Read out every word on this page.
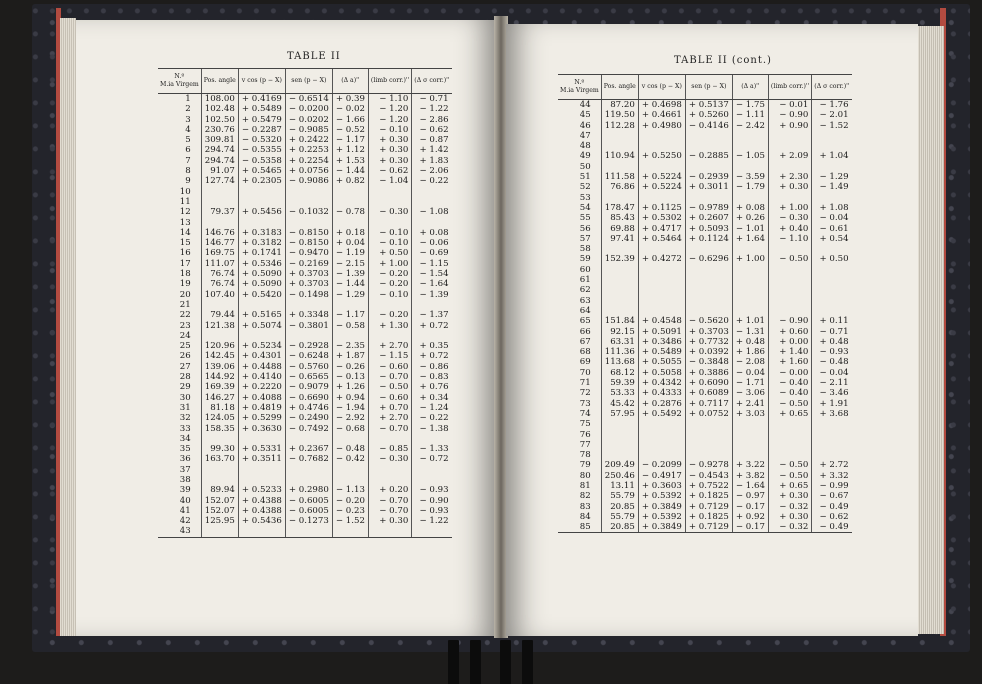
TABLE II
N.º
M.ia Virgem	Pos. angle	v cos (p − X)	sen (p − X)	(Δ a)''	(limb corr.)''	(Δ σ corr.)''
1	108.00	+ 0.4169	− 0.6514	+ 0.39	− 1.10	− 0.71
2	102.48	+ 0.5489	− 0.0200	− 0.02	− 1.20	− 1.22
3	102.50	+ 0.5479	− 0.0202	− 1.66	− 1.20	− 2.86
4	230.76	− 0.2287	− 0.9085	− 0.52	− 0.10	− 0.62
5	309.81	− 0.5320	+ 0.2422	− 1.17	+ 0.30	− 0.87
6	294.74	− 0.5355	+ 0.2253	+ 1.12	+ 0.30	+ 1.42
7	294.74	− 0.5358	+ 0.2254	+ 1.53	+ 0.30	+ 1.83
8	91.07	+ 0.5465	+ 0.0756	− 1.44	− 0.62	− 2.06
9	127.74	+ 0.2305	− 0.9086	+ 0.82	− 1.04	− 0.22
10						
11						
12	79.37	+ 0.5456	− 0.1032	− 0.78	− 0.30	− 1.08
13						
14	146.76	+ 0.3183	− 0.8150	+ 0.18	− 0.10	+ 0.08
15	146.77	+ 0.3182	− 0.8150	+ 0.04	− 0.10	− 0.06
16	169.75	+ 0.1741	− 0.9470	− 1.19	+ 0.50	− 0.69
17	111.07	+ 0.5346	− 0.2169	− 2.15	+ 1.00	− 1.15
18	76.74	+ 0.5090	+ 0.3703	− 1.39	− 0.20	− 1.54
19	76.74	+ 0.5090	+ 0.3703	− 1.44	− 0.20	− 1.64
20	107.40	+ 0.5420	− 0.1498	− 1.29	− 0.10	− 1.39
21						
22	79.44	+ 0.5165	+ 0.3348	− 1.17	− 0.20	− 1.37
23	121.38	+ 0.5074	− 0.3801	− 0.58	+ 1.30	+ 0.72
24						
25	120.96	+ 0.5234	− 0.2928	− 2.35	+ 2.70	+ 0.35
26	142.45	+ 0.4301	− 0.6248	+ 1.87	− 1.15	+ 0.72
27	139.06	+ 0.4488	− 0.5760	− 0.26	− 0.60	− 0.86
28	144.92	+ 0.4140	− 0.6565	− 0.13	− 0.70	− 0.83
29	169.39	+ 0.2220	− 0.9079	+ 1.26	− 0.50	+ 0.76
30	146.27	+ 0.4088	− 0.6690	+ 0.94	− 0.60	+ 0.34
31	81.18	+ 0.4819	+ 0.4746	− 1.94	+ 0.70	− 1.24
32	124.05	+ 0.5299	− 0.2490	− 2.92	+ 2.70	− 0.22
33	158.35	+ 0.3630	− 0.7492	− 0.68	− 0.70	− 1.38
34						
35	99.30	+ 0.5331	+ 0.2367	− 0.48	− 0.85	− 1.33
36	163.70	+ 0.3511	− 0.7682	− 0.42	− 0.30	− 0.72
37						
38						
39	89.94	+ 0.5233	+ 0.2980	− 1.13	+ 0.20	− 0.93
40	152.07	+ 0.4388	− 0.6005	− 0.20	− 0.70	− 0.90
41	152.07	+ 0.4388	− 0.6005	− 0.23	− 0.70	− 0.93
42	125.95	+ 0.5436	− 0.1273	− 1.52	+ 0.30	− 1.22
43						
TABLE II (cont.)
N.º
M.ia Virgem	Pos. angle	v cos (p − X)	sen (p − X)	(Δ a)''	(limb corr.)''	(Δ σ corr.)''
44	87.20	+ 0.4698	+ 0.5137	− 1.75	− 0.01	− 1.76
45	119.50	+ 0.4661	+ 0.5260	− 1.11	− 0.90	− 2.01
46	112.28	+ 0.4980	− 0.4146	− 2.42	+ 0.90	− 1.52
47						
48						
49	110.94	+ 0.5250	− 0.2885	− 1.05	+ 2.09	+ 1.04
50						
51	111.58	+ 0.5224	− 0.2939	− 3.59	+ 2.30	− 1.29
52	76.86	+ 0.5224	+ 0.3011	− 1.79	+ 0.30	− 1.49
53						
54	178.47	+ 0.1125	− 0.9789	+ 0.08	+ 1.00	+ 1.08
55	85.43	+ 0.5302	+ 0.2607	+ 0.26	− 0.30	− 0.04
56	69.88	+ 0.4717	+ 0.5093	− 1.01	+ 0.40	− 0.61
57	97.41	+ 0.5464	+ 0.1124	+ 1.64	− 1.10	+ 0.54
58						
59	152.39	+ 0.4272	− 0.6296	+ 1.00	− 0.50	+ 0.50
60						
61						
62						
63						
64						
65	151.84	+ 0.4548	− 0.5620	+ 1.01	− 0.90	+ 0.11
66	92.15	+ 0.5091	+ 0.3703	− 1.31	+ 0.60	− 0.71
67	63.31	+ 0.3486	+ 0.7732	+ 0.48	+ 0.00	+ 0.48
68	111.36	+ 0.5489	+ 0.0392	+ 1.86	+ 1.40	− 0.93
69	113.68	+ 0.5055	− 0.3848	− 2.08	+ 1.60	− 0.48
70	68.12	+ 0.5058	+ 0.3886	− 0.04	− 0.00	− 0.04
71	59.39	+ 0.4342	+ 0.6090	− 1.71	− 0.40	− 2.11
72	53.33	+ 0.4333	+ 0.6089	− 3.06	− 0.40	− 3.46
73	45.42	+ 0.2876	+ 0.7117	+ 2.41	− 0.50	+ 1.91
74	57.95	+ 0.5492	+ 0.0752	+ 3.03	+ 0.65	+ 3.68
75						
76						
77						
78						
79	209.49	− 0.2099	− 0.9278	+ 3.22	− 0.50	+ 2.72
80	250.46	− 0.4917	− 0.4543	+ 3.82	− 0.50	+ 3.32
81	13.11	+ 0.3603	+ 0.7522	− 1.64	+ 0.65	− 0.99
82	55.79	+ 0.5392	+ 0.1825	− 0.97	+ 0.30	− 0.67
83	20.85	+ 0.3849	+ 0.7129	− 0.17	− 0.32	− 0.49
84	55.79	+ 0.5392	+ 0.1825	+ 0.92	+ 0.30	− 0.62
85	20.85	+ 0.3849	+ 0.7129	− 0.17	− 0.32	− 0.49
